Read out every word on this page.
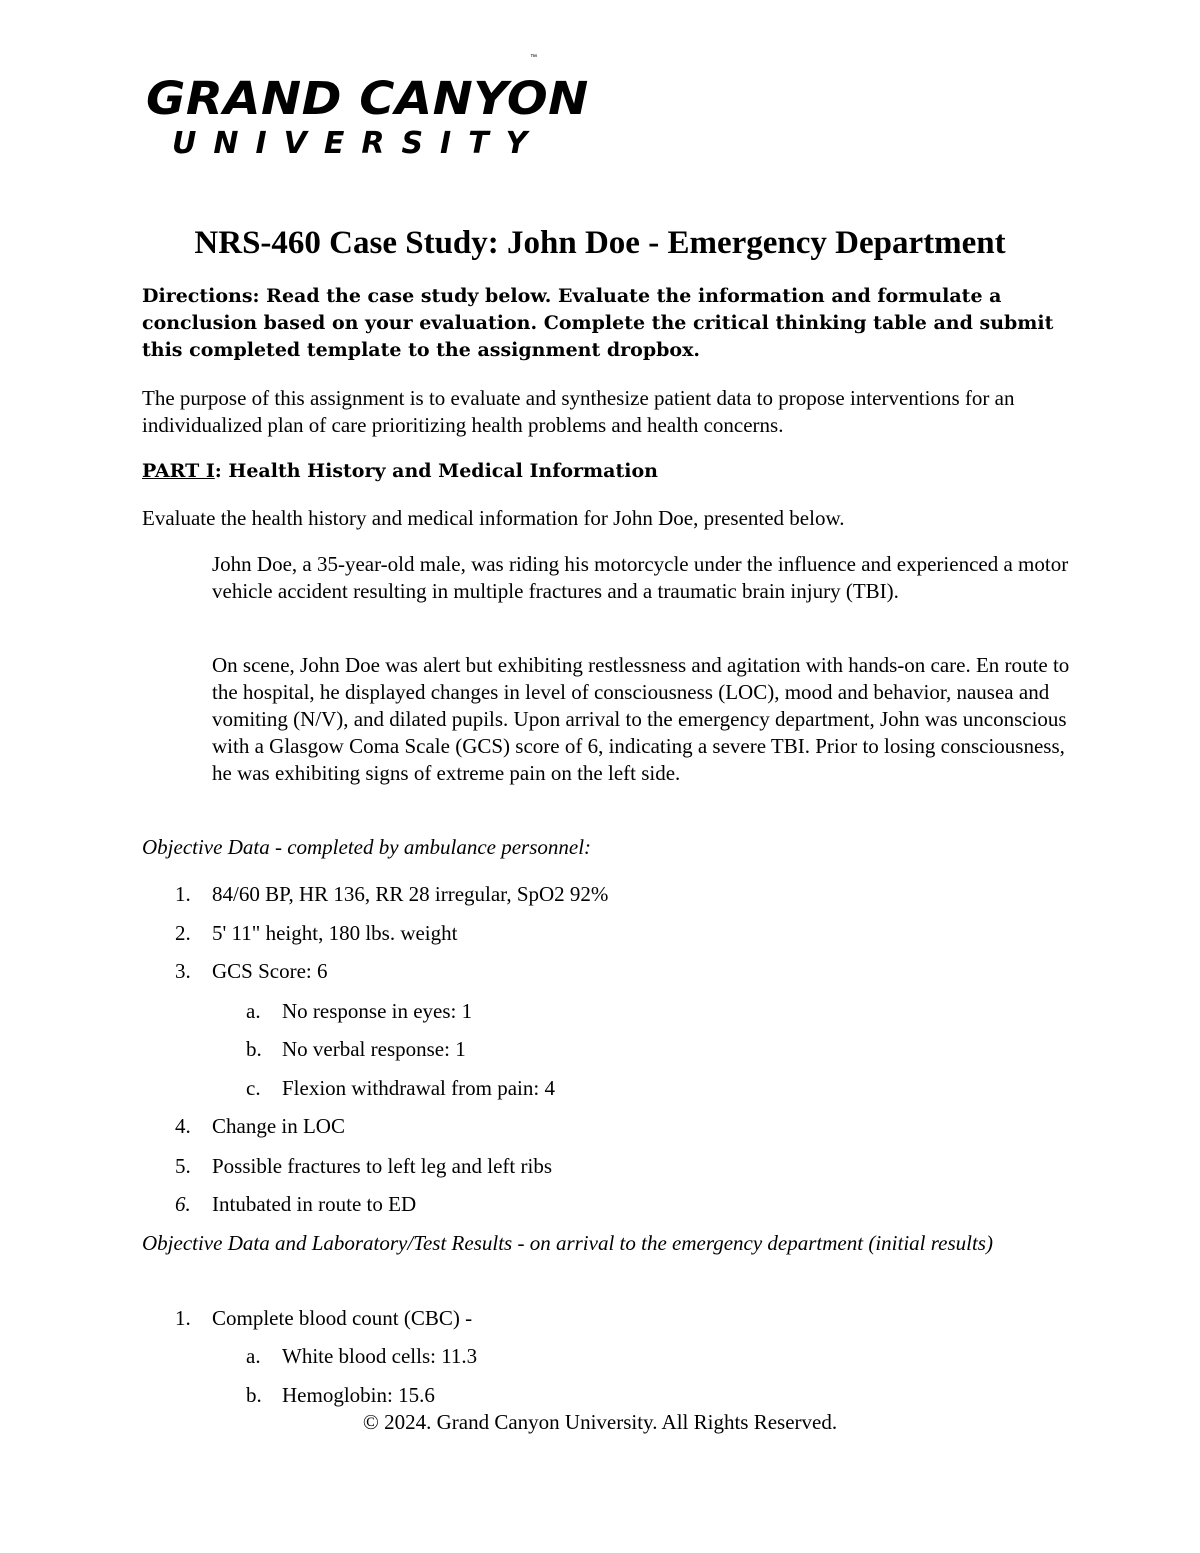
GRAND CANYON
UNIVERSITY
™
NRS-460 Case Study: John Doe - Emergency Department

Directions: Read the case study below. Evaluate the information and formulate a conclusion based on your evaluation. Complete the critical thinking table and submit this completed template to the assignment dropbox.

The purpose of this assignment is to evaluate and synthesize patient data to propose interventions for an individualized plan of care prioritizing health problems and health concerns.

PART I: Health History and Medical Information

Evaluate the health history and medical information for John Doe, presented below.

John Doe, a 35-year-old male, was riding his motorcycle under the influence and experienced a motor vehicle accident resulting in multiple fractures and a traumatic brain injury (TBI).

On scene, John Doe was alert but exhibiting restlessness and agitation with hands-on care. En route to the hospital, he displayed changes in level of consciousness (LOC), mood and behavior, nausea and vomiting (N/V), and dilated pupils. Upon arrival to the emergency department, John was unconscious with a Glasgow Coma Scale (GCS) score of 6, indicating a severe TBI. Prior to losing consciousness, he was exhibiting signs of extreme pain on the left side.

Objective Data - completed by ambulance personnel:

1. 84/60 BP, HR 136, RR 28 irregular, SpO2 92%
2. 5' 11" height, 180 lbs. weight
3. GCS Score: 6
a. No response in eyes: 1
b. No verbal response: 1
c. Flexion withdrawal from pain: 4
4. Change in LOC
5. Possible fractures to left leg and left ribs
6. Intubated in route to ED

Objective Data and Laboratory/Test Results - on arrival to the emergency department (initial results)

1. Complete blood count (CBC) -
a. White blood cells: 11.3
b. Hemoglobin: 15.6

© 2024. Grand Canyon University. All Rights Reserved.
